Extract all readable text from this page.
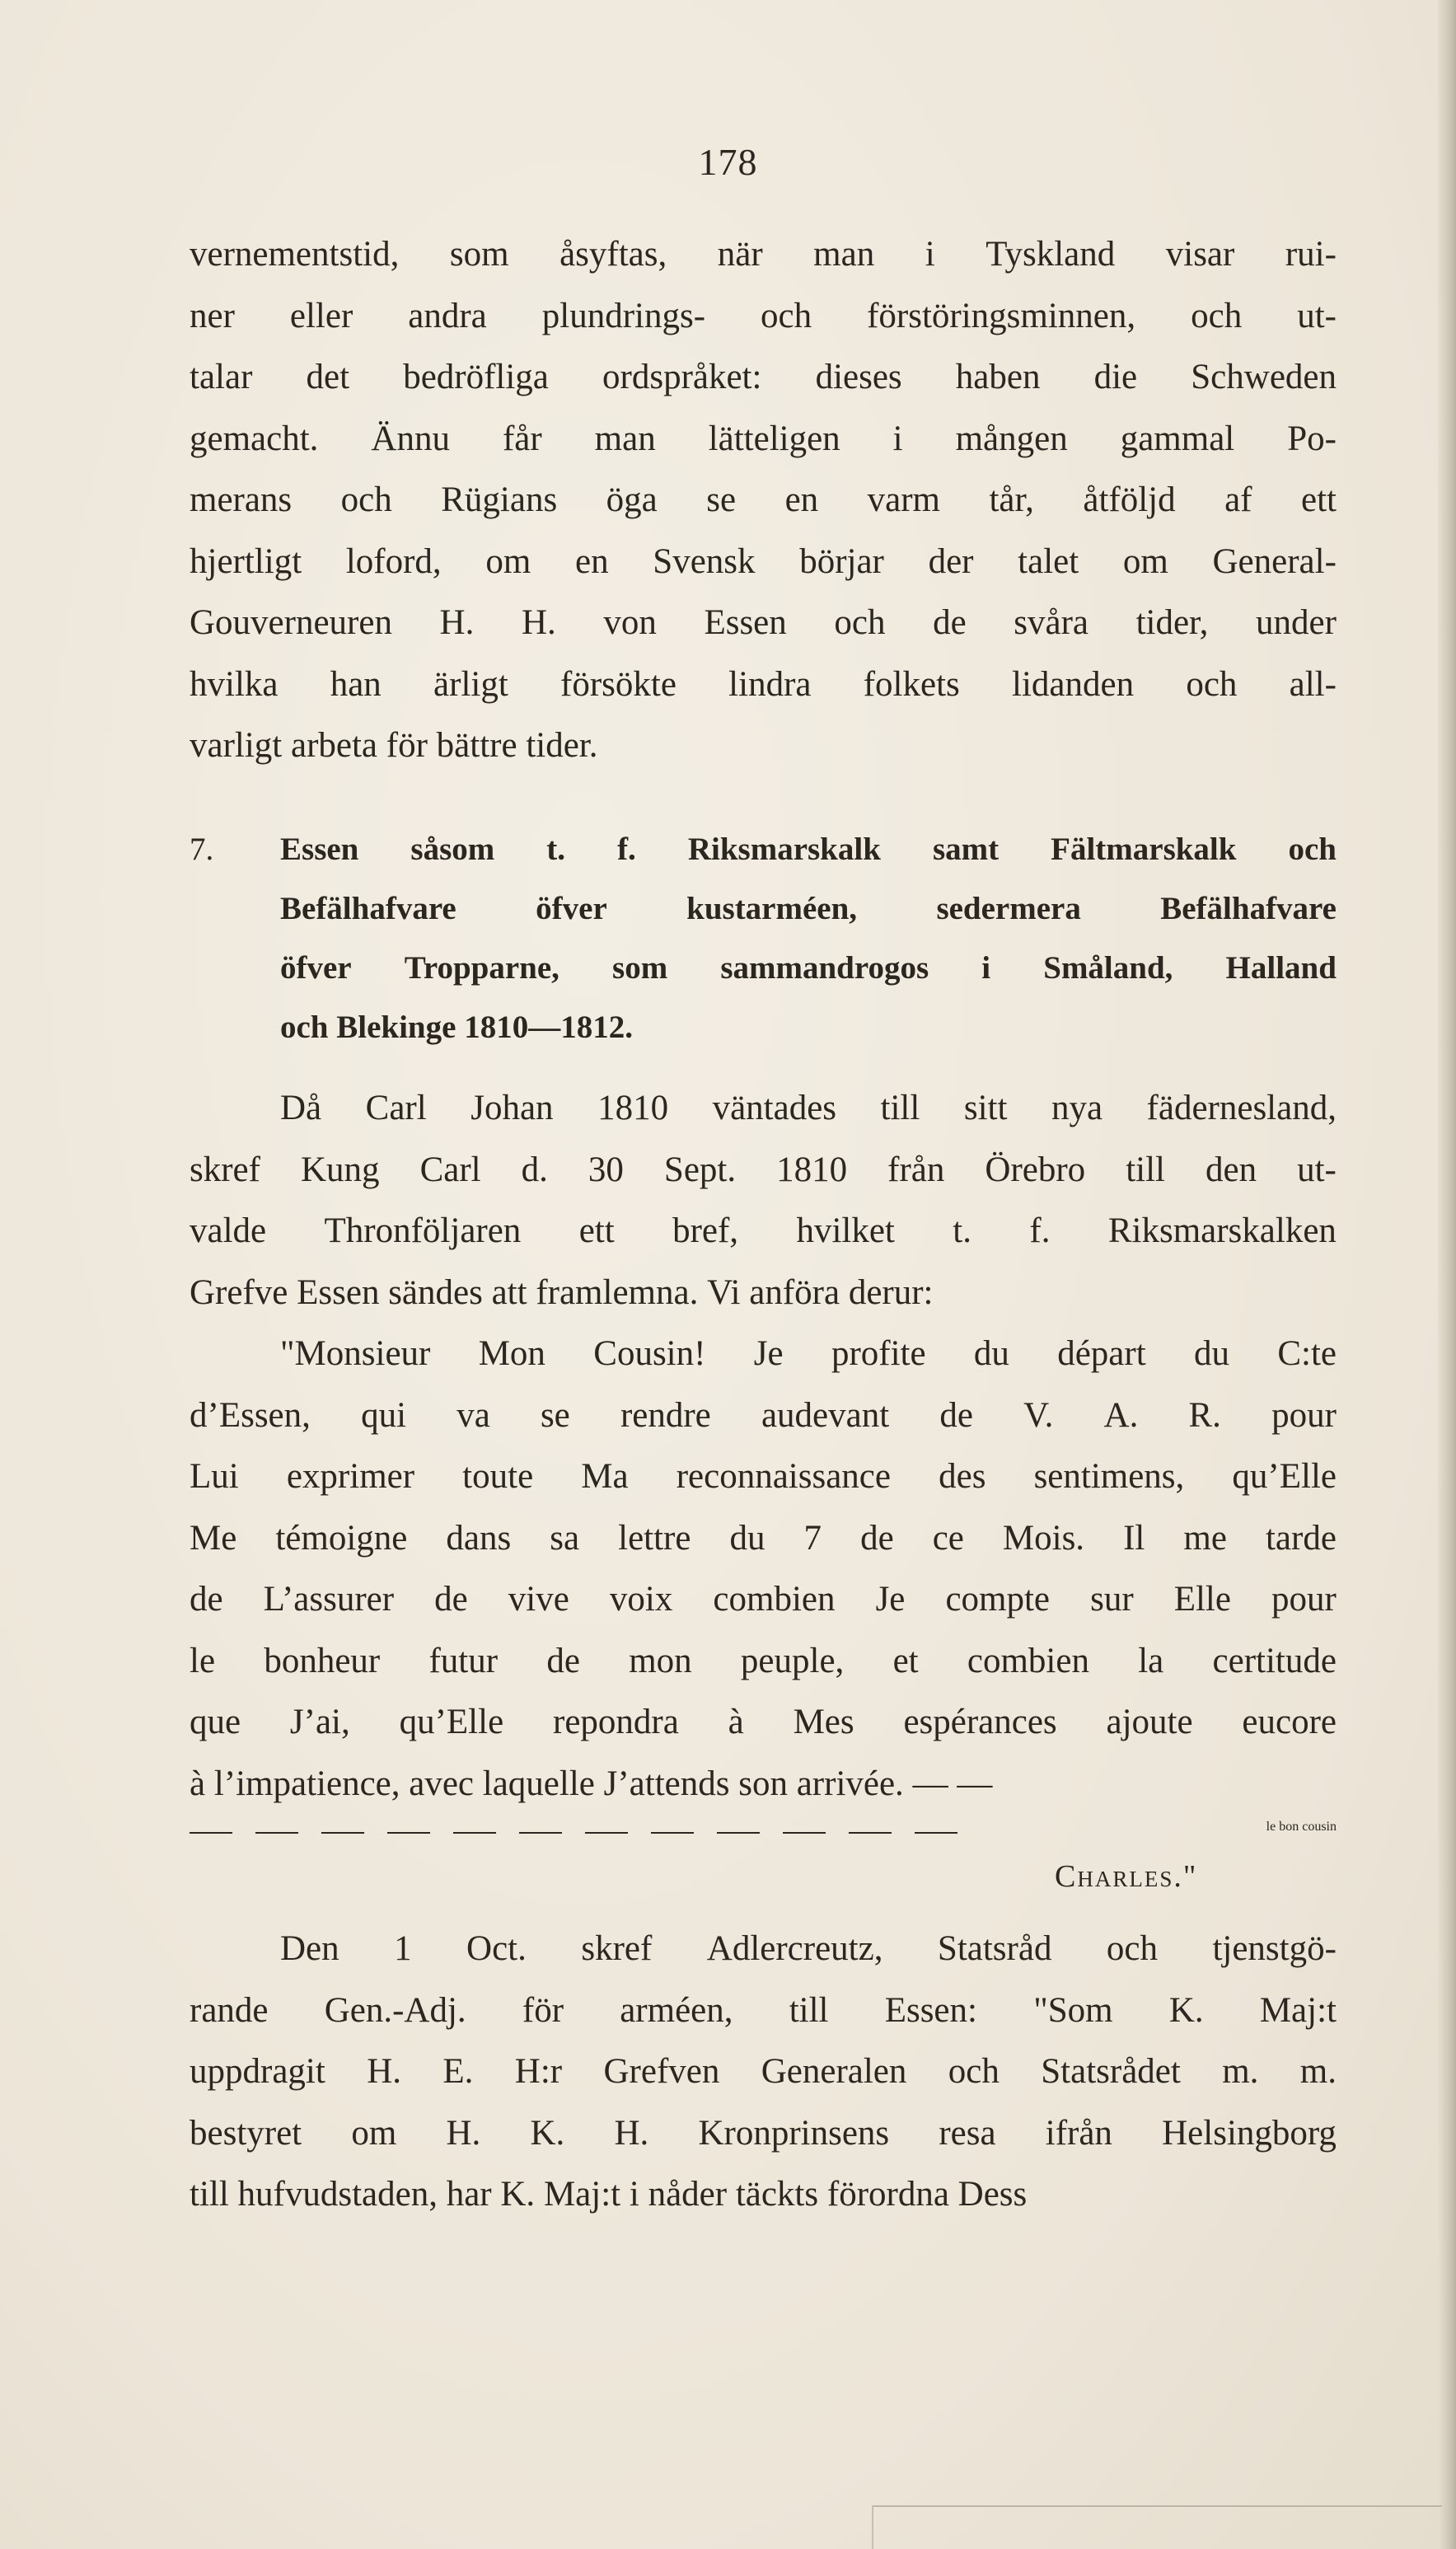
178
vernementstid, som åsyftas, när man i Tyskland visar rui-
ner eller andra plundrings- och förstöringsminnen, och ut-
talar det bedröfliga ordspråket: dieses haben die Schweden
gemacht. Ännu får man lätteligen i mången gammal Po-
merans och Rügians öga se en varm tår, åtföljd af ett
hjertligt loford, om en Svensk börjar der talet om General-
Gouverneuren H. H. von Essen och de svåra tider, under
hvilka han ärligt försökte lindra folkets lidanden och all-
varligt arbeta för bättre tider.
7.	Essen såsom t. f. Riksmarskalk samt Fältmarskalk och
Befälhafvare öfver kustarméen, sedermera Befälhafvare
öfver Tropparne, som sammandrogos i Småland, Halland
och Blekinge 1810—1812.
Då Carl Johan 1810 väntades till sitt nya fädernesland,
skref Kung Carl d. 30 Sept. 1810 från Örebro till den ut-
valde Thronföljaren ett bref, hvilket t. f. Riksmarskalken
Grefve Essen sändes att framlemna. Vi anföra derur:
"Monsieur Mon Cousin! Je profite du départ du C:te
d’Essen, qui va se rendre audevant de V. A. R. pour
Lui exprimer toute Ma reconnaissance des sentimens, qu’Elle
Me témoigne dans sa lettre du 7 de ce Mois. Il me tarde
de L’assurer de vive voix combien Je compte sur Elle pour
le bonheur futur de mon peuple, et combien la certitude
que J’ai, qu’Elle repondra à Mes espérances ajoute eucore
à l’impatience, avec laquelle J’attends son arrivée. — —
le bon cousin
Charles."
Den 1 Oct. skref Adlercreutz, Statsråd och tjenstgö-
rande Gen.-Adj. för arméen, till Essen: "Som K. Maj:t
uppdragit H. E. H:r Grefven Generalen och Statsrådet m. m.
bestyret om H. K. H. Kronprinsens resa ifrån Helsingborg
till hufvudstaden, har K. Maj:t i nåder täckts förordna Dess
